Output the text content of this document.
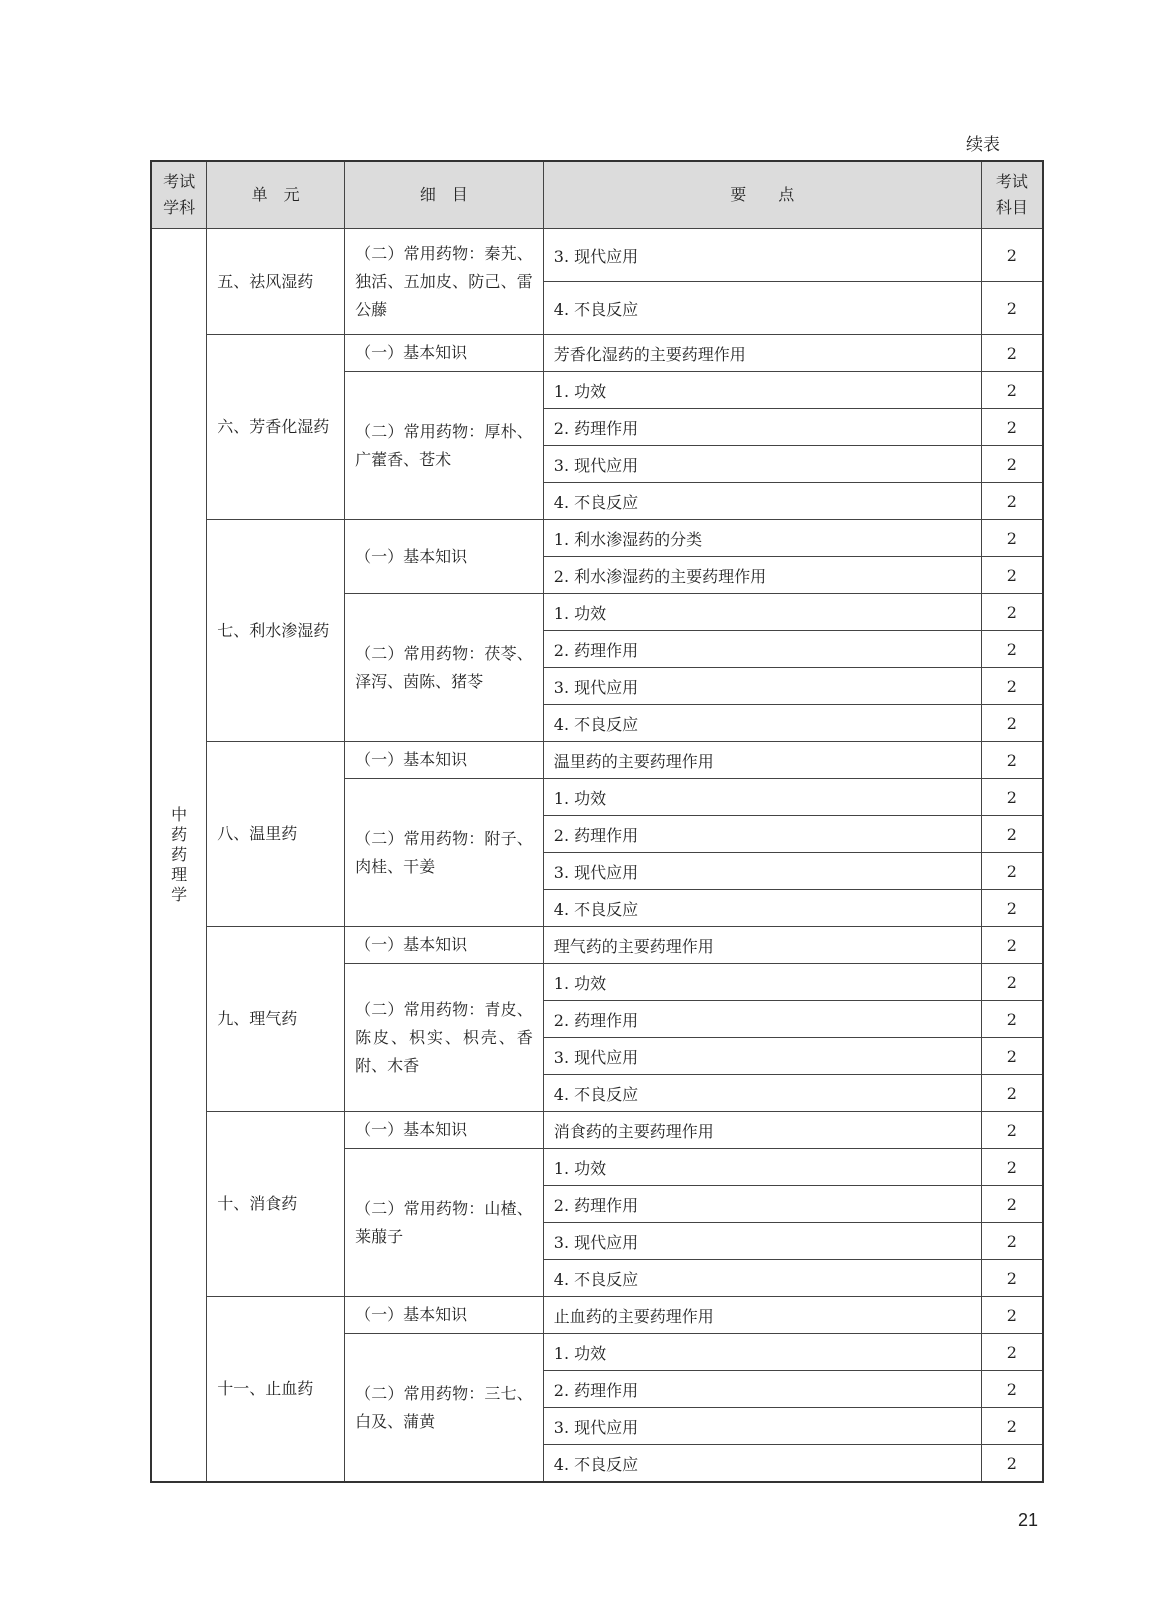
续表
考试学科	单　元	细　目	要　　点	考试科目
中药药理学	五、祛风湿药	（二）常用药物：秦艽、独活、五加皮、防己、雷公藤	3. 现代应用	2
			4. 不良反应	2
	六、芳香化湿药	（一）基本知识	芳香化湿药的主要药理作用	2
		（二）常用药物：厚朴、广藿香、苍术	1. 功效	2
			2. 药理作用	2
			3. 现代应用	2
			4. 不良反应	2
	七、利水渗湿药	（一）基本知识	1. 利水渗湿药的分类	2
			2. 利水渗湿药的主要药理作用	2
		（二）常用药物：茯苓、泽泻、茵陈、猪苓	1. 功效	2
			2. 药理作用	2
			3. 现代应用	2
			4. 不良反应	2
	八、温里药	（一）基本知识	温里药的主要药理作用	2
		（二）常用药物：附子、肉桂、干姜	1. 功效	2
			2. 药理作用	2
			3. 现代应用	2
			4. 不良反应	2
	九、理气药	（一）基本知识	理气药的主要药理作用	2
		（二）常用药物：青皮、陈皮、枳实、枳壳、香附、木香	1. 功效	2
			2. 药理作用	2
			3. 现代应用	2
			4. 不良反应	2
	十、消食药	（一）基本知识	消食药的主要药理作用	2
		（二）常用药物：山楂、莱菔子	1. 功效	2
			2. 药理作用	2
			3. 现代应用	2
			4. 不良反应	2
	十一、止血药	（一）基本知识	止血药的主要药理作用	2
		（二）常用药物：三七、白及、蒲黄	1. 功效	2
			2. 药理作用	2
			3. 现代应用	2
			4. 不良反应	2
21
